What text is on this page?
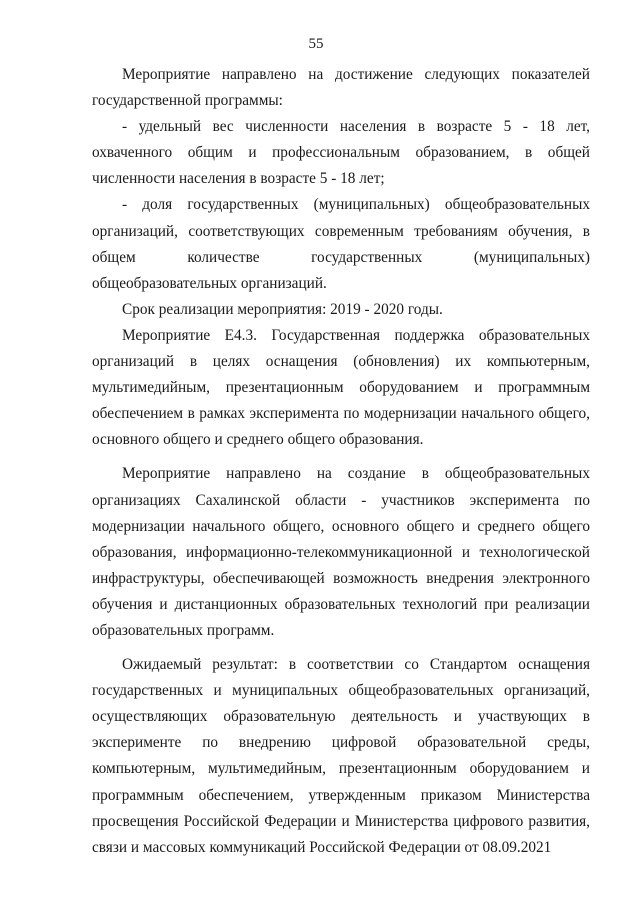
55

Мероприятие направлено на достижение следующих показателей государственной программы:

- удельный вес численности населения в возрасте 5 - 18 лет, охваченного общим и профессиональным образованием, в общей численности населения в возрасте 5 - 18 лет;

- доля государственных (муниципальных) общеобразовательных организаций, соответствующих современным требованиям обучения, в общем количестве государственных (муниципальных) общеобразовательных организаций.

Срок реализации мероприятия: 2019 - 2020 годы.

Мероприятие Е4.3. Государственная поддержка образовательных организаций в целях оснащения (обновления) их компьютерным, мультимедийным, презентационным оборудованием и программным обеспечением в рамках эксперимента по модернизации начального общего, основного общего и среднего общего образования.

Мероприятие направлено на создание в общеобразовательных организациях Сахалинской области - участников эксперимента по модернизации начального общего, основного общего и среднего общего образования, информационно-телекоммуникационной и технологической инфраструктуры, обеспечивающей возможность внедрения электронного обучения и дистанционных образовательных технологий при реализации образовательных программ.

Ожидаемый результат: в соответствии со Стандартом оснащения государственных и муниципальных общеобразовательных организаций, осуществляющих образовательную деятельность и участвующих в эксперименте по внедрению цифровой образовательной среды, компьютерным, мультимедийным, презентационным оборудованием и программным обеспечением, утвержденным приказом Министерства просвещения Российской Федерации и Министерства цифрового развития, связи и массовых коммуникаций Российской Федерации от 08.09.2021
